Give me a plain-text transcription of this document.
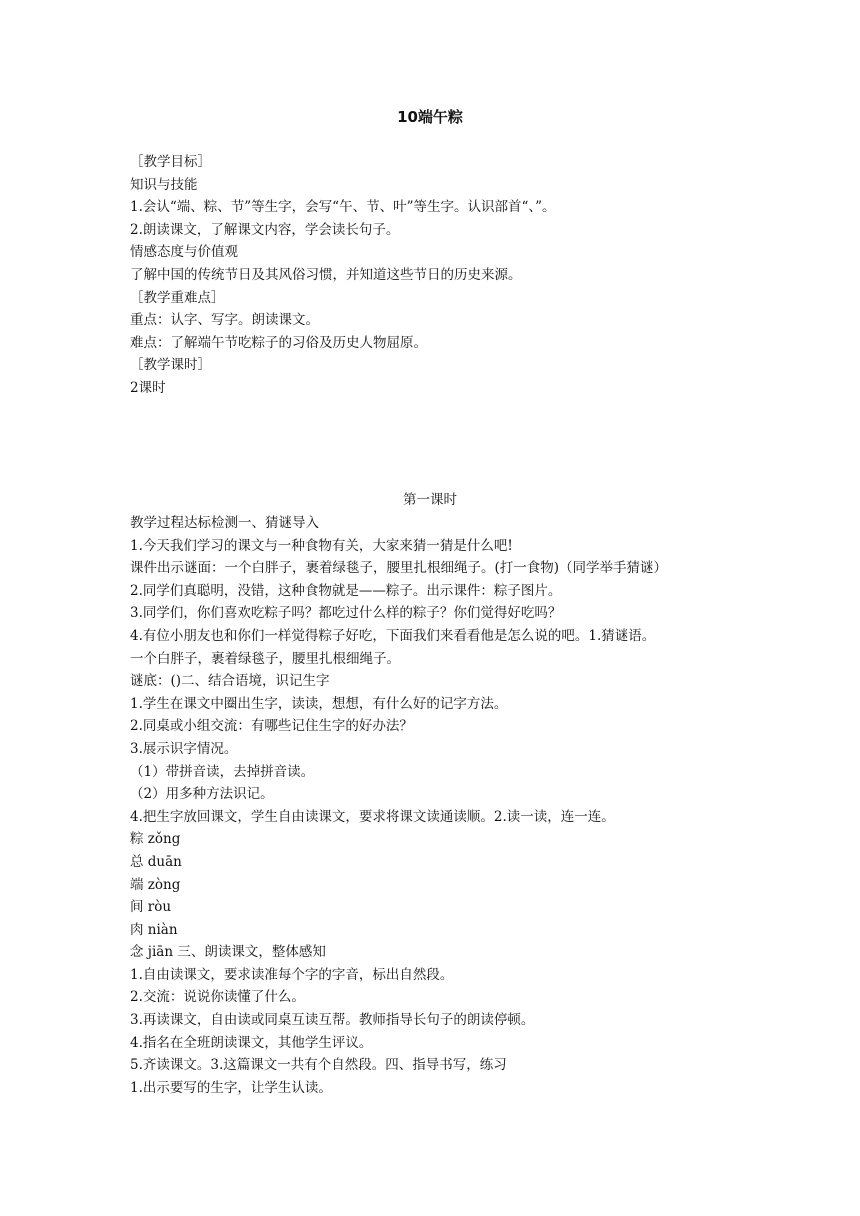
10端午粽
［教学目标］
知识与技能
1.会认“端、粽、节”等生字，会写“午、节、叶”等生字。认识部首“、”。
2.朗读课文，了解课文内容，学会读长句子。
情感态度与价值观
了解中国的传统节日及其风俗习惯，并知道这些节日的历史来源。
［教学重难点］
重点：认字、写字。朗读课文。
难点：了解端午节吃粽子的习俗及历史人物屈原。
［教学课时］
2课时
第一课时
教学过程达标检测一、猜谜导入
1.今天我们学习的课文与一种食物有关，大家来猜一猜是什么吧!
课件出示谜面：一个白胖子，裹着绿毯子，腰里扎根细绳子。(打一食物)（同学举手猜谜）
2.同学们真聪明，没错，这种食物就是——粽子。出示课件：粽子图片。
3.同学们，你们喜欢吃粽子吗？都吃过什么样的粽子？你们觉得好吃吗？
4.有位小朋友也和你们一样觉得粽子好吃，下面我们来看看他是怎么说的吧。1.猜谜语。
一个白胖子，裹着绿毯子，腰里扎根细绳子。
谜底：()二、结合语境，识记生字
1.学生在课文中圈出生字，读读，想想，有什么好的记字方法。
2.同桌或小组交流：有哪些记住生字的好办法？
3.展示识字情况。
（1）带拼音读，去掉拼音读。
（2）用多种方法识记。
4.把生字放回课文，学生自由读课文，要求将课文读通读顺。2.读一读，连一连。
粽 zǒng
总 duān
端 zòng
间 ròu
肉 niàn
念 jiān 三、朗读课文，整体感知
1.自由读课文，要求读准每个字的字音，标出自然段。
2.交流：说说你读懂了什么。
3.再读课文，自由读或同桌互读互帮。教师指导长句子的朗读停顿。
4.指名在全班朗读课文，其他学生评议。
5.齐读课文。3.这篇课文一共有个自然段。四、指导书写，练习
1.出示要写的生字，让学生认读。
